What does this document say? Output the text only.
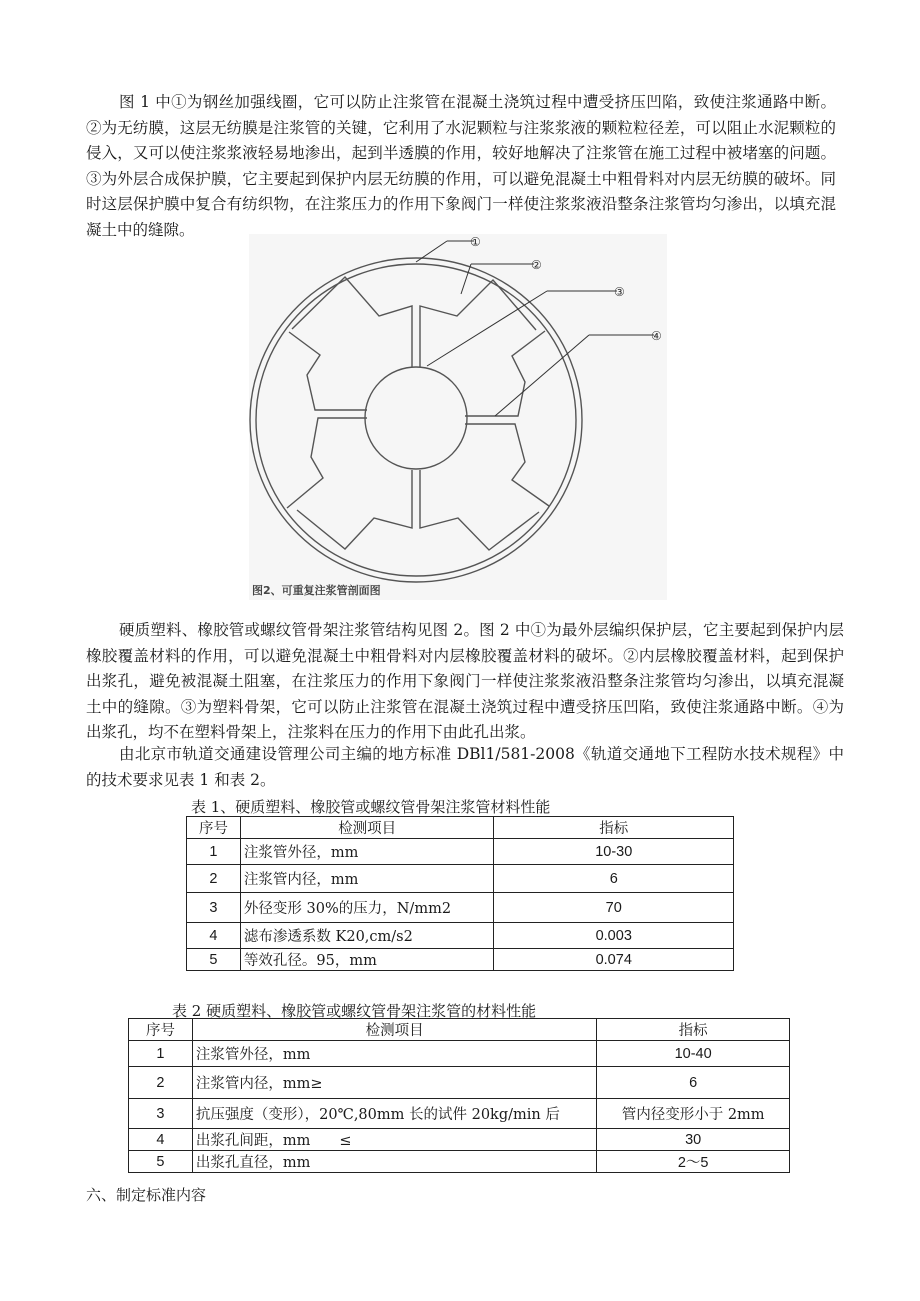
图 1 中①为钢丝加强线圈，它可以防止注浆管在混凝土浇筑过程中遭受挤压凹陷，致使注浆通路中断。②为无纺膜，这层无纺膜是注浆管的关键，它利用了水泥颗粒与注浆浆液的颗粒粒径差，可以阻止水泥颗粒的侵入，又可以使注浆浆液轻易地渗出，起到半透膜的作用，较好地解决了注浆管在施工过程中被堵塞的问题。③为外层合成保护膜，它主要起到保护内层无纺膜的作用，可以避免混凝土中粗骨料对内层无纺膜的破坏。同时这层保护膜中复合有纺织物，在注浆压力的作用下象阀门一样使注浆浆液沿整条注浆管均匀渗出，以填充混凝土中的缝隙。

①
②
③
④
图2、可重复注浆管剖面图

硬质塑料、橡胶管或螺纹管骨架注浆管结构见图 2。图 2 中①为最外层编织保护层，它主要起到保护内层橡胶覆盖材料的作用，可以避免混凝土中粗骨料对内层橡胶覆盖材料的破坏。②内层橡胶覆盖材料，起到保护出浆孔，避免被混凝土阻塞，在注浆压力的作用下象阀门一样使注浆浆液沿整条注浆管均匀渗出，以填充混凝土中的缝隙。③为塑料骨架，它可以防止注浆管在混凝土浇筑过程中遭受挤压凹陷，致使注浆通路中断。④为出浆孔，均不在塑料骨架上，注浆料在压力的作用下由此孔出浆。

由北京市轨道交通建设管理公司主编的地方标准 DBl1/581-2008《轨道交通地下工程防水技术规程》中的技术要求见表 1 和表 2。

表 1、硬质塑料、橡胶管或螺纹管骨架注浆管材料性能
序号	检测项目	指标
1	注浆管外径，mm	10-30
2	注浆管内径，mm	6
3	外径变形 30%的压力，N/mm2	70
4	滤布渗透系数 K20,cm/s2	0.003
5	等效孔径。95，mm	0.074
表 2 硬质塑料、橡胶管或螺纹管骨架注浆管的材料性能
序号	检测项目	指标
1	注浆管外径，mm	10-40
2	注浆管内径，mm≥	6
3	抗压强度（变形），20℃,80mm 长的试件 20kg/min 后	管内径变形小于 2mm
4	出浆孔间距，mm　　≤	30
5	出浆孔直径，mm	2～5
六、制定标准内容
